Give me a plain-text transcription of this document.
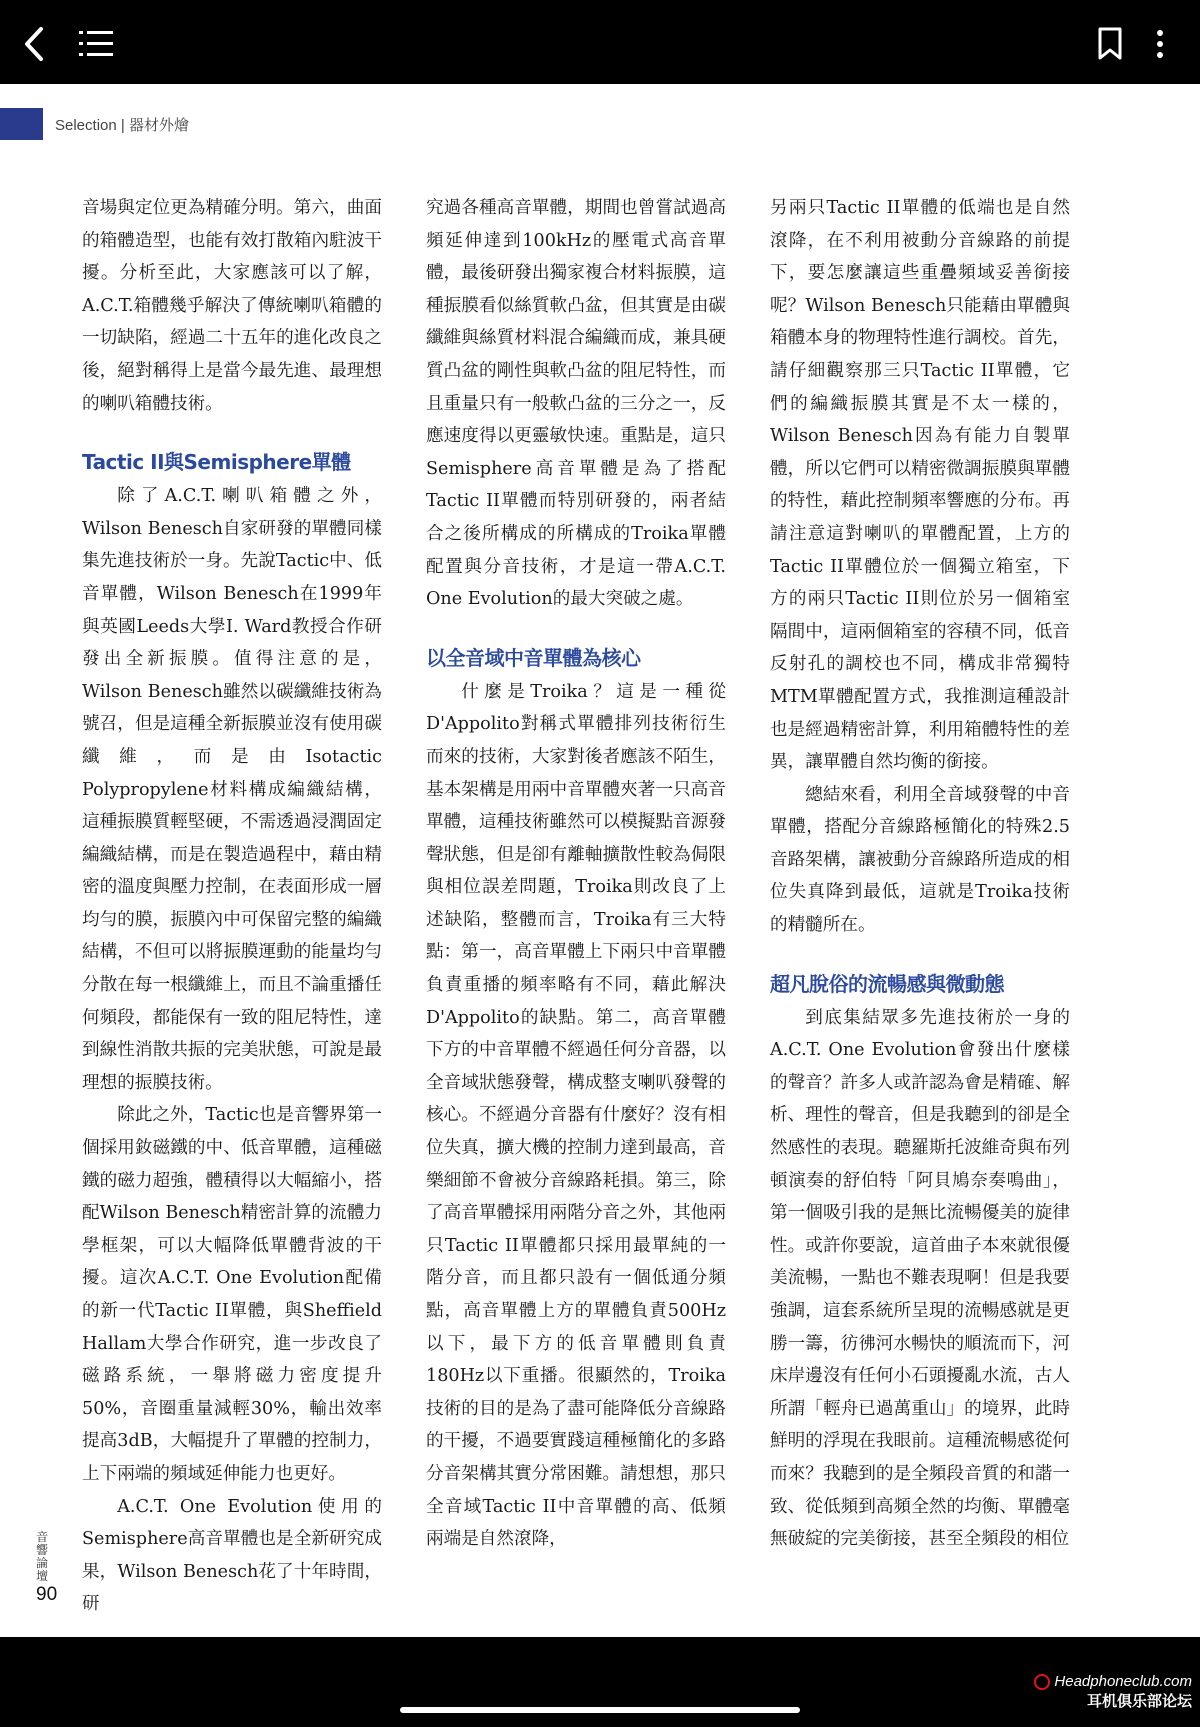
Selection | 器材外燴

音場與定位更為精確分明。第六，曲面的箱體造型，也能有效打散箱內駐波干擾。分析至此，大家應該可以了解，A.C.T.箱體幾乎解決了傳統喇叭箱體的一切缺陷，經過二十五年的進化改良之後，絕對稱得上是當今最先進、最理想的喇叭箱體技術。

Tactic II與Semisphere單體

除了A.C.T.喇叭箱體之外，Wilson Benesch自家研發的單體同樣集先進技術於一身。先說Tactic中、低音單體，Wilson Benesch在1999年與英國Leeds大學I. Ward教授合作研發出全新振膜。值得注意的是，Wilson Benesch雖然以碳纖維技術為號召，但是這種全新振膜並沒有使用碳纖維，而是由Isotactic Polypropylene材料構成編織結構，這種振膜質輕堅硬，不需透過浸潤固定編織結構，而是在製造過程中，藉由精密的溫度與壓力控制，在表面形成一層均勻的膜，振膜內中可保留完整的編織結構，不但可以將振膜運動的能量均勻分散在每一根纖維上，而且不論重播任何頻段，都能保有一致的阻尼特性，達到線性消散共振的完美狀態，可說是最理想的振膜技術。

除此之外，Tactic也是音響界第一個採用釹磁鐵的中、低音單體，這種磁鐵的磁力超強，體積得以大幅縮小，搭配Wilson Benesch精密計算的流體力學框架，可以大幅降低單體背波的干擾。這次A.C.T. One Evolution配備的新一代Tactic II單體，與Sheffield Hallam大學合作研究，進一步改良了磁路系統，一舉將磁力密度提升50%，音圈重量減輕30%，輸出效率提高3dB，大幅提升了單體的控制力，上下兩端的頻域延伸能力也更好。

A.C.T. One Evolution使用的Semisphere高音單體也是全新研究成果，Wilson Benesch花了十年時間，研

究過各種高音單體，期間也曾嘗試過高頻延伸達到100kHz的壓電式高音單體，最後研發出獨家複合材料振膜，這種振膜看似絲質軟凸盆，但其實是由碳纖維與絲質材料混合編織而成，兼具硬質凸盆的剛性與軟凸盆的阻尼特性，而且重量只有一般軟凸盆的三分之一，反應速度得以更靈敏快速。重點是，這只Semisphere高音單體是為了搭配Tactic II單體而特別研發的，兩者結合之後所構成的所構成的Troika單體配置與分音技術，才是這一帶A.C.T. One Evolution的最大突破之處。

以全音域中音單體為核心

什麼是Troika？這是一種從D'Appolito對稱式單體排列技術衍生而來的技術，大家對後者應該不陌生，基本架構是用兩中音單體夾著一只高音單體，這種技術雖然可以模擬點音源發聲狀態，但是卻有離軸擴散性較為侷限與相位誤差問題，Troika則改良了上述缺陷，整體而言，Troika有三大特點：第一，高音單體上下兩只中音單體負責重播的頻率略有不同，藉此解決D'Appolito的缺點。第二，高音單體下方的中音單體不經過任何分音器，以全音域狀態發聲，構成整支喇叭發聲的核心。不經過分音器有什麼好？沒有相位失真，擴大機的控制力達到最高，音樂細節不會被分音線路耗損。第三，除了高音單體採用兩階分音之外，其他兩只Tactic II單體都只採用最單純的一階分音，而且都只設有一個低通分頻點，高音單體上方的單體負責500Hz以下，最下方的低音單體則負責180Hz以下重播。很顯然的，Troika技術的目的是為了盡可能降低分音線路的干擾，不過要實踐這種極簡化的多路分音架構其實分常困難。請想想，那只全音域Tactic II中音單體的高、低頻兩端是自然滾降，

另兩只Tactic II單體的低端也是自然滾降，在不利用被動分音線路的前提下，要怎麼讓這些重疊頻域妥善銜接呢？Wilson Benesch只能藉由單體與箱體本身的物理特性進行調校。首先，請仔細觀察那三只Tactic II單體，它們的編織振膜其實是不太一樣的，Wilson Benesch因為有能力自製單體，所以它們可以精密微調振膜與單體的特性，藉此控制頻率響應的分布。再請注意這對喇叭的單體配置，上方的Tactic II單體位於一個獨立箱室，下方的兩只Tactic II則位於另一個箱室隔間中，這兩個箱室的容積不同，低音反射孔的調校也不同，構成非常獨特MTM單體配置方式，我推測這種設計也是經過精密計算，利用箱體特性的差異，讓單體自然均衡的銜接。

總結來看，利用全音域發聲的中音單體，搭配分音線路極簡化的特殊2.5音路架構，讓被動分音線路所造成的相位失真降到最低，這就是Troika技術的精髓所在。

超凡脫俗的流暢感與微動態

到底集結眾多先進技術於一身的A.C.T. One Evolution會發出什麼樣的聲音？許多人或許認為會是精確、解析、理性的聲音，但是我聽到的卻是全然感性的表現。聽羅斯托波維奇與布列頓演奏的舒伯特「阿貝鳩奈奏鳴曲」，第一個吸引我的是無比流暢優美的旋律性。或許你要說，這首曲子本來就很優美流暢，一點也不難表現啊！但是我要強調，這套系統所呈現的流暢感就是更勝一籌，彷彿河水暢快的順流而下，河床岸邊沒有任何小石頭擾亂水流，古人所謂「輕舟已過萬重山」的境界，此時鮮明的浮現在我眼前。這種流暢感從何而來？我聽到的是全頻段音質的和諧一致、從低頻到高頻全然的均衡、單體毫無破綻的完美銜接，甚至全頻段的相位

音響論壇
90
Headphoneclub.com
耳机俱乐部论坛
